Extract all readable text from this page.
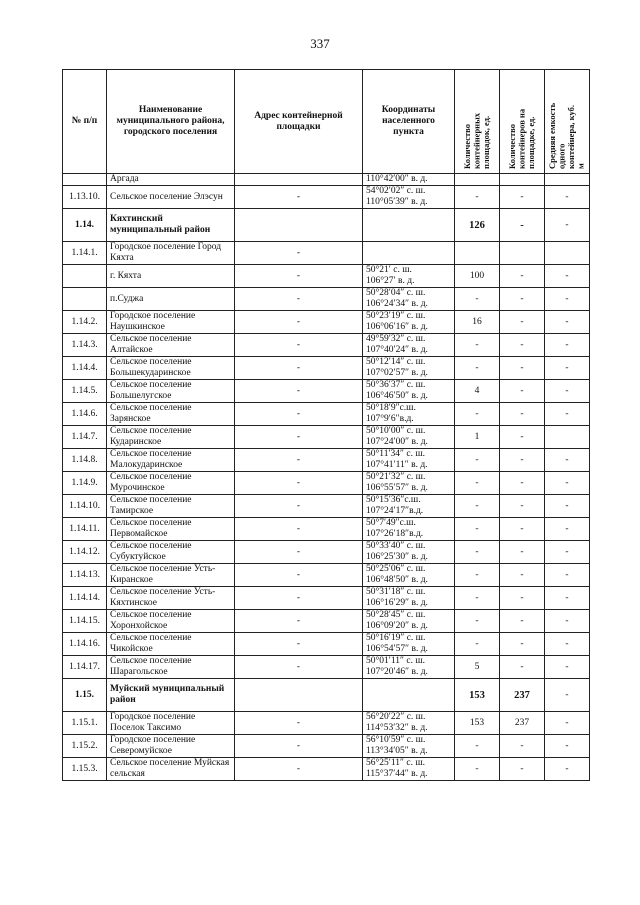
337
№ п/п	Наименование муниципального района, городского поселения	Адрес контейнерной площадки	Координаты населенного пункта	Количество
контейнерных
площадок, ед.	Количество
контейнеров на
площадке, ед.	Средняя емкость
одного
контейнера, куб.
м
	Аргада		110°42′00″ в. д.			
1.13.10.	Сельское поселение Элэсун	-	54°02′02″ с. ш.
110°05′39″ в. д.	-	-	-
1.14.	Кяхтинский муниципальный район			126	-	-
1.14.1.	Городское поселение Город Кяхта	-				
	г. Кяхта	-	50°21′ с. ш.
106°27′ в. д.	100	-	-
	п.Суджа	-	50°28′04″ с. ш.
106°24′34″ в. д.	-	-	-
1.14.2.	Городское поселение Наушкинское	-	50°23′19″ с. ш.
106°06′16″ в. д.	16	-	-
1.14.3.	Сельское поселение Алтайское	-	49°59′32″ с. ш.
107°40′24″ в. д.	-	-	-
1.14.4.	Сельское поселение Большекударинское	-	50°12′14″ с. ш.
107°02′57″ в. д.	-	-	-
1.14.5.	Сельское поселение Большелугское	-	50°36′37″ с. ш.
106°46′50″ в. д.	4	-	-
1.14.6.	Сельское поселение Зарянское	-	50°18′9″с.ш.
107°9′6″в.д.	-	-	-
1.14.7.	Сельское поселение Кударинское	-	50°10′00″ с. ш.
107°24′00″ в. д.	1	-	
1.14.8.	Сельское поселение Малокударинское	-	50°11′34″ с. ш.
107°41′11″ в. д.	-	-	-
1.14.9.	Сельское поселение Мурочинское	-	50°21′32″ с. ш.
106°55′57″ в. д.	-	-	-
1.14.10.	Сельское поселение Тамирское	-	50°15′36″с.ш.
107°24′17″в.д.	-	-	-
1.14.11.	Сельское поселение Первомайское	-	50°7′49″с.ш.
107°26′18″в.д.	-	-	-
1.14.12.	Сельское поселение Субуктуйское	-	50°33′40″ с. ш.
106°25′30″ в. д.	-	-	-
1.14.13.	Сельское поселение Усть-Киранское	-	50°25′06″ с. ш.
106°48′50″ в. д.	-	-	-
1.14.14.	Сельское поселение Усть-Кяхтинское	-	50°31′18″ с. ш.
106°16′29″ в. д.	-	-	-
1.14.15.	Сельское поселение Хоронхойское	-	50°28′45″ с. ш.
106°09′20″ в. д.	-	-	-
1.14.16.	Сельское поселение Чикойское	-	50°16′19″ с. ш.
106°54′57″ в. д.	-	-	-
1.14.17.	Сельское поселение Шарагольское	-	50°01′11″ с. ш.
107°20′46″ в. д.	5	-	-
1.15.	Муйский муниципальный район			153	237	-
1.15.1.	Городское поселение Поселок Таксимо	-	56°20′22″ с. ш.
114°53′32″ в. д.	153	237	-
1.15.2.	Городское поселение Северомуйское	-	56°10′59″ с. ш.
113°34′05″ в. д.	-	-	-
1.15.3.	Сельское поселение Муйская сельская	-	56°25′11″ с. ш.
115°37′44″ в. д.	-	-	-
